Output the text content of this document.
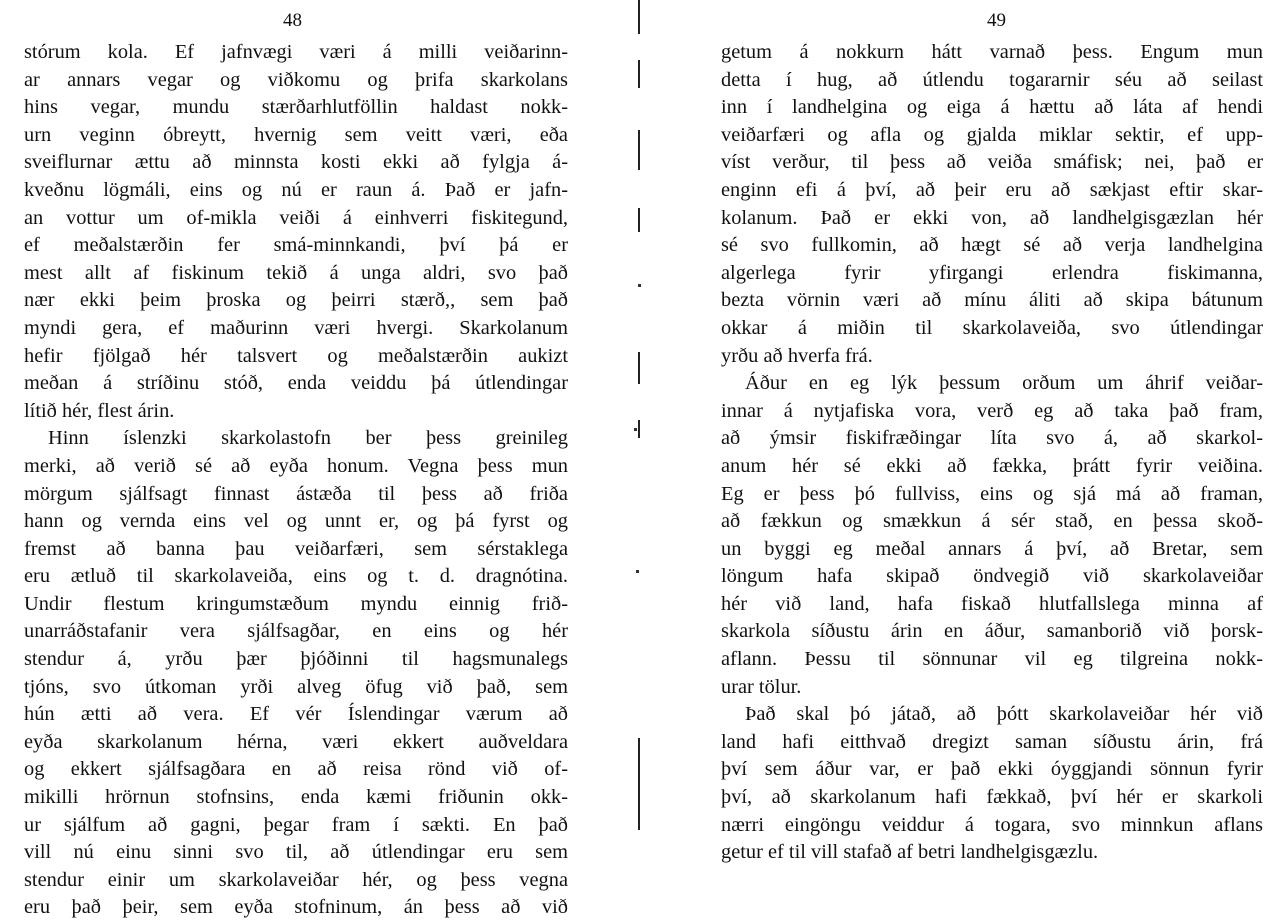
48
stórum kola. Ef jafnvægi væri á milli veiðarinn-
ar annars vegar og viðkomu og þrifa skarkolans
hins vegar, mundu stærðarhlutföllin haldast nokk-
urn veginn óbreytt, hvernig sem veitt væri, eða
sveiflurnar ættu að minnsta kosti ekki að fylgja á-
kveðnu lögmáli, eins og nú er raun á. Það er jafn-
an vottur um of-mikla veiði á einhverri fiskitegund,
ef meðalstærðin fer smá-minnkandi, því þá er
mest allt af fiskinum tekið á unga aldri, svo það
nær ekki þeim þroska og þeirri stærð,, sem það
myndi gera, ef maðurinn væri hvergi. Skarkolanum
hefir fjölgað hér talsvert og meðalstærðin aukizt
meðan á stríðinu stóð, enda veiddu þá útlendingar
lítið hér, flest árin.
Hinn íslenzki skarkolastofn ber þess greinileg
merki, að verið sé að eyða honum. Vegna þess mun
mörgum sjálfsagt finnast ástæða til þess að friða
hann og vernda eins vel og unnt er, og þá fyrst og
fremst að banna þau veiðarfæri, sem sérstaklega
eru ætluð til skarkolaveiða, eins og t. d. dragnótina.
Undir flestum kringumstæðum myndu einnig frið-
unarráðstafanir vera sjálfsagðar, en eins og hér
stendur á, yrðu þær þjóðinni til hagsmunalegs
tjóns, svo útkoman yrði alveg öfug við það, sem
hún ætti að vera. Ef vér Íslendingar værum að
eyða skarkolanum hérna, væri ekkert auðveldara
og ekkert sjálfsagðara en að reisa rönd við of-
mikilli hrörnun stofnsins, enda kæmi friðunin okk-
ur sjálfum að gagni, þegar fram í sækti. En það
vill nú einu sinni svo til, að útlendingar eru sem
stendur einir um skarkolaveiðar hér, og þess vegna
eru það þeir, sem eyða stofninum, án þess að við
49
getum á nokkurn hátt varnað þess. Engum mun
detta í hug, að útlendu togararnir séu að seilast
inn í landhelgina og eiga á hættu að láta af hendi
veiðarfæri og afla og gjalda miklar sektir, ef upp-
víst verður, til þess að veiða smáfisk; nei, það er
enginn efi á því, að þeir eru að sækjast eftir skar-
kolanum. Það er ekki von, að landhelgisgæzlan hér
sé svo fullkomin, að hægt sé að verja landhelgina
algerlega fyrir yfirgangi erlendra fiskimanna,
bezta vörnin væri að mínu áliti að skipa bátunum
okkar á miðin til skarkolaveiða, svo útlendingar
yrðu að hverfa frá.
Áður en eg lýk þessum orðum um áhrif veiðar-
innar á nytjafiska vora, verð eg að taka það fram,
að ýmsir fiskifræðingar líta svo á, að skarkol-
anum hér sé ekki að fækka, þrátt fyrir veiðina.
Eg er þess þó fullviss, eins og sjá má að framan,
að fækkun og smækkun á sér stað, en þessa skoð-
un byggi eg meðal annars á því, að Bretar, sem
löngum hafa skipað öndvegið við skarkolaveiðar
hér við land, hafa fiskað hlutfallslega minna af
skarkola síðustu árin en áður, samanborið við þorsk-
aflann. Þessu til sönnunar vil eg tilgreina nokk-
urar tölur.
Það skal þó játað, að þótt skarkolaveiðar hér við
land hafi eitthvað dregizt saman síðustu árin, frá
því sem áður var, er það ekki óyggjandi sönnun fyrir
því, að skarkolanum hafi fækkað, því hér er skarkoli
nærri eingöngu veiddur á togara, svo minnkun aflans
getur ef til vill stafað af betri landhelgisgæzlu.
